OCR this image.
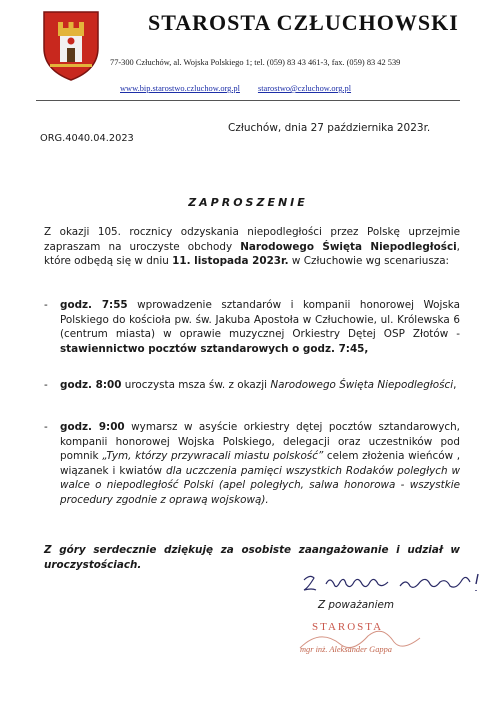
STAROSTA CZŁUCHOWSKI
77-300 Człuchów, al. Wojska Polskiego 1; tel. (059) 83 43 461-3, fax. (059) 83 42 539
www.bip.starostwo.czluchow.org.pl starostwo@czluchow.org.pl
Człuchów, dnia 27 października 2023r.
ORG.4040.04.2023
ZAPROSZENIE
Z okazji 105. rocznicy odzyskania niepodległości przez Polskę uprzejmie zapraszam na uroczyste obchody Narodowego Święta Niepodległości, które odbędą się w dniu 11. listopada 2023r. w Człuchowie wg scenariusza:
- godz. 7:55 wprowadzenie sztandarów i kompanii honorowej Wojska Polskiego do kościoła pw. św. Jakuba Apostoła w Człuchowie, ul. Królewska 6 (centrum miasta) w oprawie muzycznej Orkiestry Dętej OSP Złotów - stawiennictwo pocztów sztandarowych o godz. 7:45,
- godz. 8:00 uroczysta msza św. z okazji Narodowego Święta Niepodległości,
- godz. 9:00 wymarsz w asyście orkiestry dętej pocztów sztandarowych, kompanii honorowej Wojska Polskiego, delegacji oraz uczestników pod pomnik „Tym, którzy przywracali miastu polskość” celem złożenia wieńców , wiązanek i kwiatów dla uczczenia pamięci wszystkich Rodaków poległych w walce o niepodległość Polski (apel poległych, salwa honorowa - wszystkie procedury zgodnie z oprawą wojskową).
Z góry serdecznie dziękuję za osobiste zaangażowanie i udział w uroczystościach.
Z poważaniem
STAROSTA
mgr inż. Aleksander Gappa
